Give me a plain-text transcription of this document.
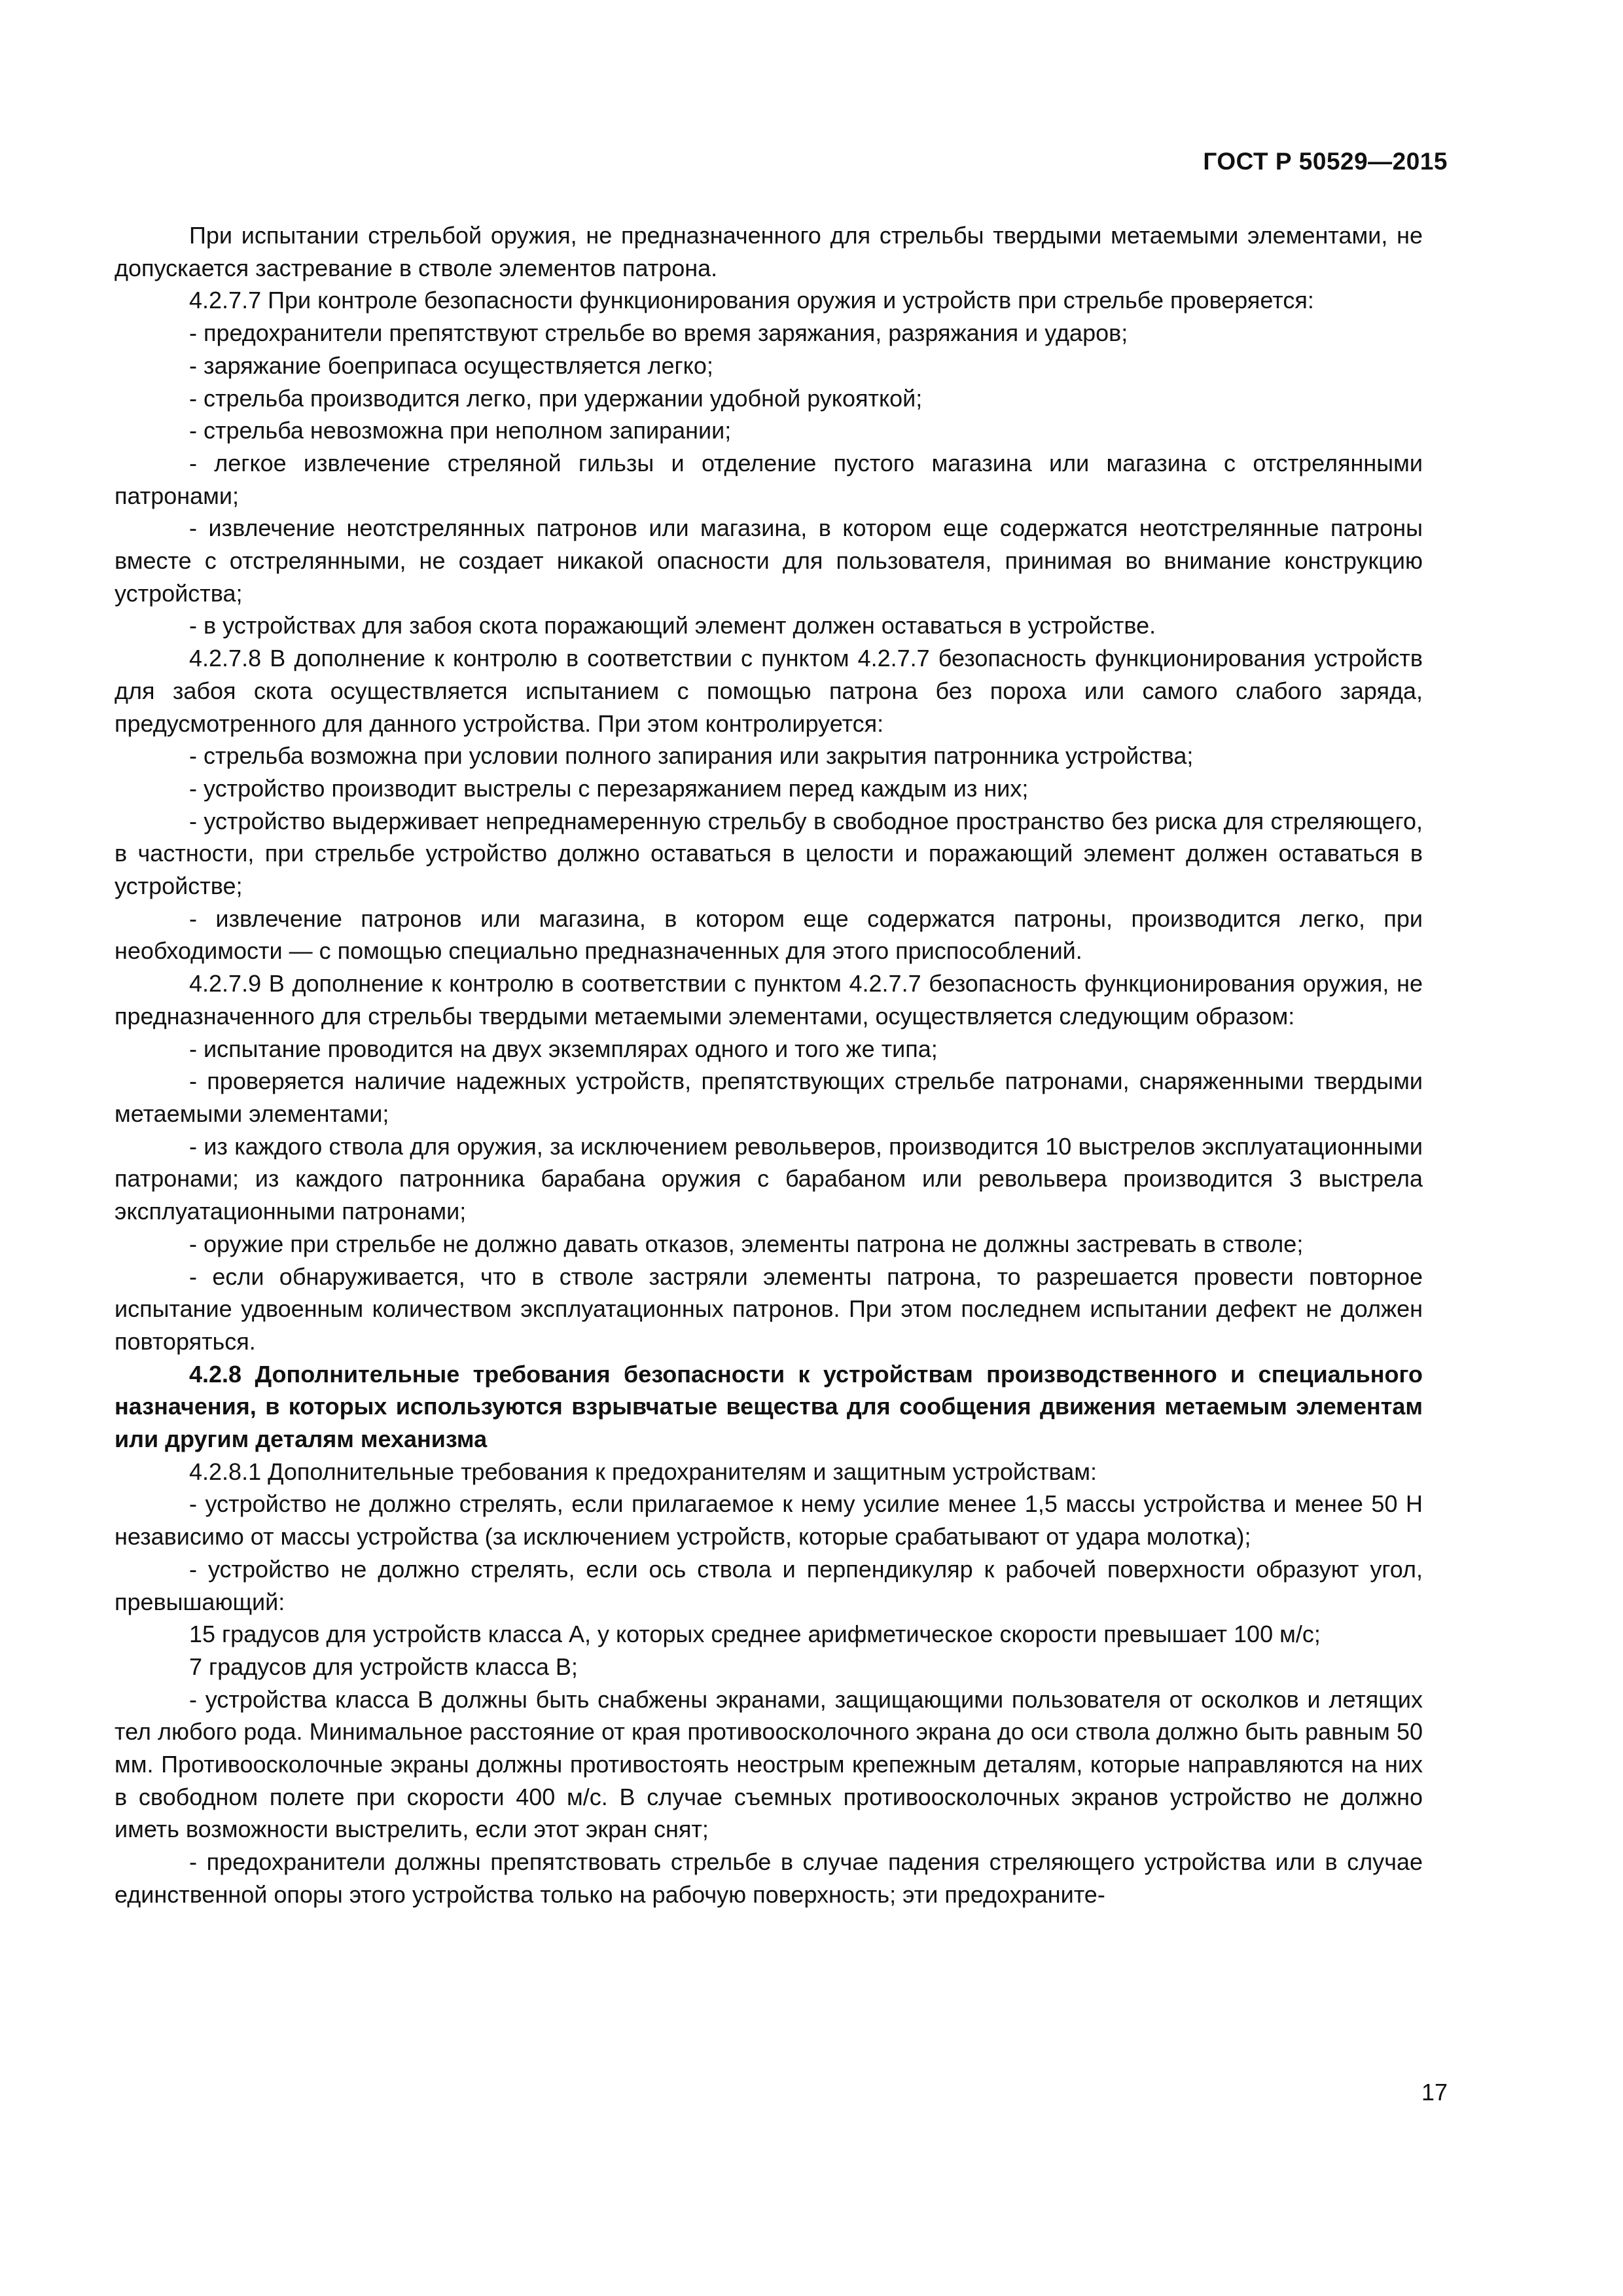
ГОСТ Р 50529—2015

При испытании стрельбой оружия, не предназначенного для стрельбы твердыми метаемыми элементами, не допускается застревание в стволе элементов патрона.

4.2.7.7 При контроле безопасности функционирования оружия и устройств при стрельбе проверяется:

- предохранители препятствуют стрельбе во время заряжания, разряжания и ударов;

- заряжание боеприпаса осуществляется легко;

- стрельба производится легко, при удержании удобной рукояткой;

- стрельба невозможна при неполном запирании;

- легкое извлечение стреляной гильзы и отделение пустого магазина или магазина с отстрелянными патронами;

- извлечение неотстрелянных патронов или магазина, в котором еще содержатся неотстрелянные патроны вместе с отстрелянными, не создает никакой опасности для пользователя, принимая во внимание конструкцию устройства;

- в устройствах для забоя скота поражающий элемент должен оставаться в устройстве.

4.2.7.8 В дополнение к контролю в соответствии с пунктом 4.2.7.7 безопасность функционирования устройств для забоя скота осуществляется испытанием с помощью патрона без пороха или самого слабого заряда, предусмотренного для данного устройства. При этом контролируется:

- стрельба возможна при условии полного запирания или закрытия патронника устройства;

- устройство производит выстрелы с перезаряжанием перед каждым из них;

- устройство выдерживает непреднамеренную стрельбу в свободное пространство без риска для стреляющего, в частности, при стрельбе устройство должно оставаться в целости и поражающий элемент должен оставаться в устройстве;

- извлечение патронов или магазина, в котором еще содержатся патроны, производится легко, при необходимости — с помощью специально предназначенных для этого приспособлений.

4.2.7.9 В дополнение к контролю в соответствии с пунктом 4.2.7.7 безопасность функционирования оружия, не предназначенного для стрельбы твердыми метаемыми элементами, осуществляется следующим образом:

- испытание проводится на двух экземплярах одного и того же типа;

- проверяется наличие надежных устройств, препятствующих стрельбе патронами, снаряженными твердыми метаемыми элементами;

- из каждого ствола для оружия, за исключением револьверов, производится 10 выстрелов эксплуатационными патронами; из каждого патронника барабана оружия с барабаном или револьвера производится 3 выстрела эксплуатационными патронами;

- оружие при стрельбе не должно давать отказов, элементы патрона не должны застревать в стволе;

- если обнаруживается, что в стволе застряли элементы патрона, то разрешается провести повторное испытание удвоенным количеством эксплуатационных патронов. При этом последнем испытании дефект не должен повторяться.

4.2.8 Дополнительные требования безопасности к устройствам производственного и специального назначения, в которых используются взрывчатые вещества для сообщения движения метаемым элементам или другим деталям механизма

4.2.8.1 Дополнительные требования к предохранителям и защитным устройствам:

- устройство не должно стрелять, если прилагаемое к нему усилие менее 1,5 массы устройства и менее 50 Н независимо от массы устройства (за исключением устройств, которые срабатывают от удара молотка);

- устройство не должно стрелять, если ось ствола и перпендикуляр к рабочей поверхности образуют угол, превышающий:

15 градусов для устройств класса А, у которых среднее арифметическое скорости превышает 100 м/с;

7 градусов для устройств класса В;

- устройства класса В должны быть снабжены экранами, защищающими пользователя от осколков и летящих тел любого рода. Минимальное расстояние от края противоосколочного экрана до оси ствола должно быть равным 50 мм. Противоосколочные экраны должны противостоять неострым крепежным деталям, которые направляются на них в свободном полете при скорости 400 м/с. В случае съемных противоосколочных экранов устройство не должно иметь возможности выстрелить, если этот экран снят;

- предохранители должны препятствовать стрельбе в случае падения стреляющего устройства или в случае единственной опоры этого устройства только на рабочую поверхность; эти предохраните-

17
